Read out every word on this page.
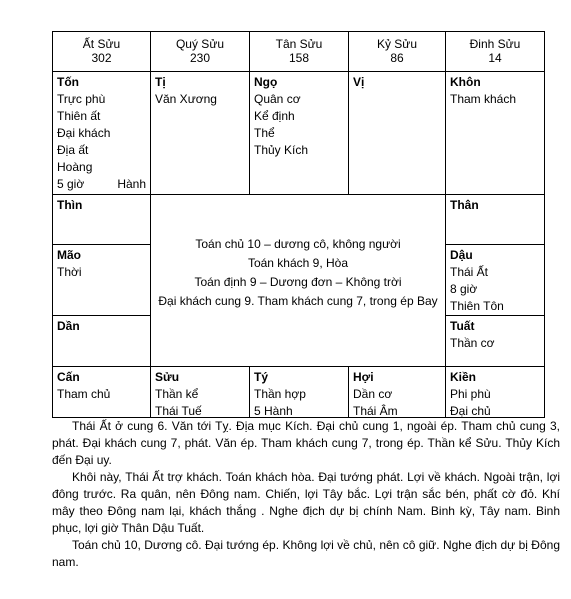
Ất Sửu
302
Quý Sửu
230
Tân Sửu
158
Kỷ Sửu
86
Đinh Sửu
14
Tốn
Trực phù
Thiên ất
Đại khách
Địa ất
Hoàng
5 giờ	Hành
Tị
Văn Xương
Ngọ
Quân cơ
Kể định
Thể
Thủy Kích
Vị	Khôn
Tham khách
Thìn
Mão
Thời
Dần
Toán chủ 10 – dương cô, không người
Toán khách 9, Hòa
Toán định 9 – Dương đơn – Không trời
Đại khách cung 9. Tham khách cung 7, trong ép Bay
Thân
Dậu
Thái Ất
8 giờ
Thiên Tôn
Tuất
Thần cơ
Cấn
Tham chủ
Sửu
Thần kể
Thái Tuế
Tý
Thần hợp
5 Hành
Hợi
Dần cơ
Thái Âm
Kiền
Phi phù
Đại chủ

Thái Ất ở cung 6. Văn tới Tỵ. Địa mục Kích. Đại chủ cung 1, ngoài ép. Tham chủ cung 3, phát. Đại khách cung 7, phát. Văn ép. Tham khách cung 7, trong ép. Thần kể Sửu. Thủy Kích đến Đại uy.

Khôi này, Thái Ất trợ khách. Toán khách hòa. Đại tướng phát. Lợi về khách. Ngoài trận, lợi đông trước. Ra quân, nên Đông nam. Chiến, lợi Tây bắc. Lợi trận sắc bén, phất cờ đỏ. Khí mây theo Đông nam lại, khách thắng . Nghe địch dự bị chính Nam. Binh kỳ, Tây nam. Binh phục, lợi giờ Thân Dậu Tuất.

Toán chủ 10, Dương cô. Đại tướng ép. Không lợi về chủ, nên cô giữ. Nghe địch dự bị Đông nam.
